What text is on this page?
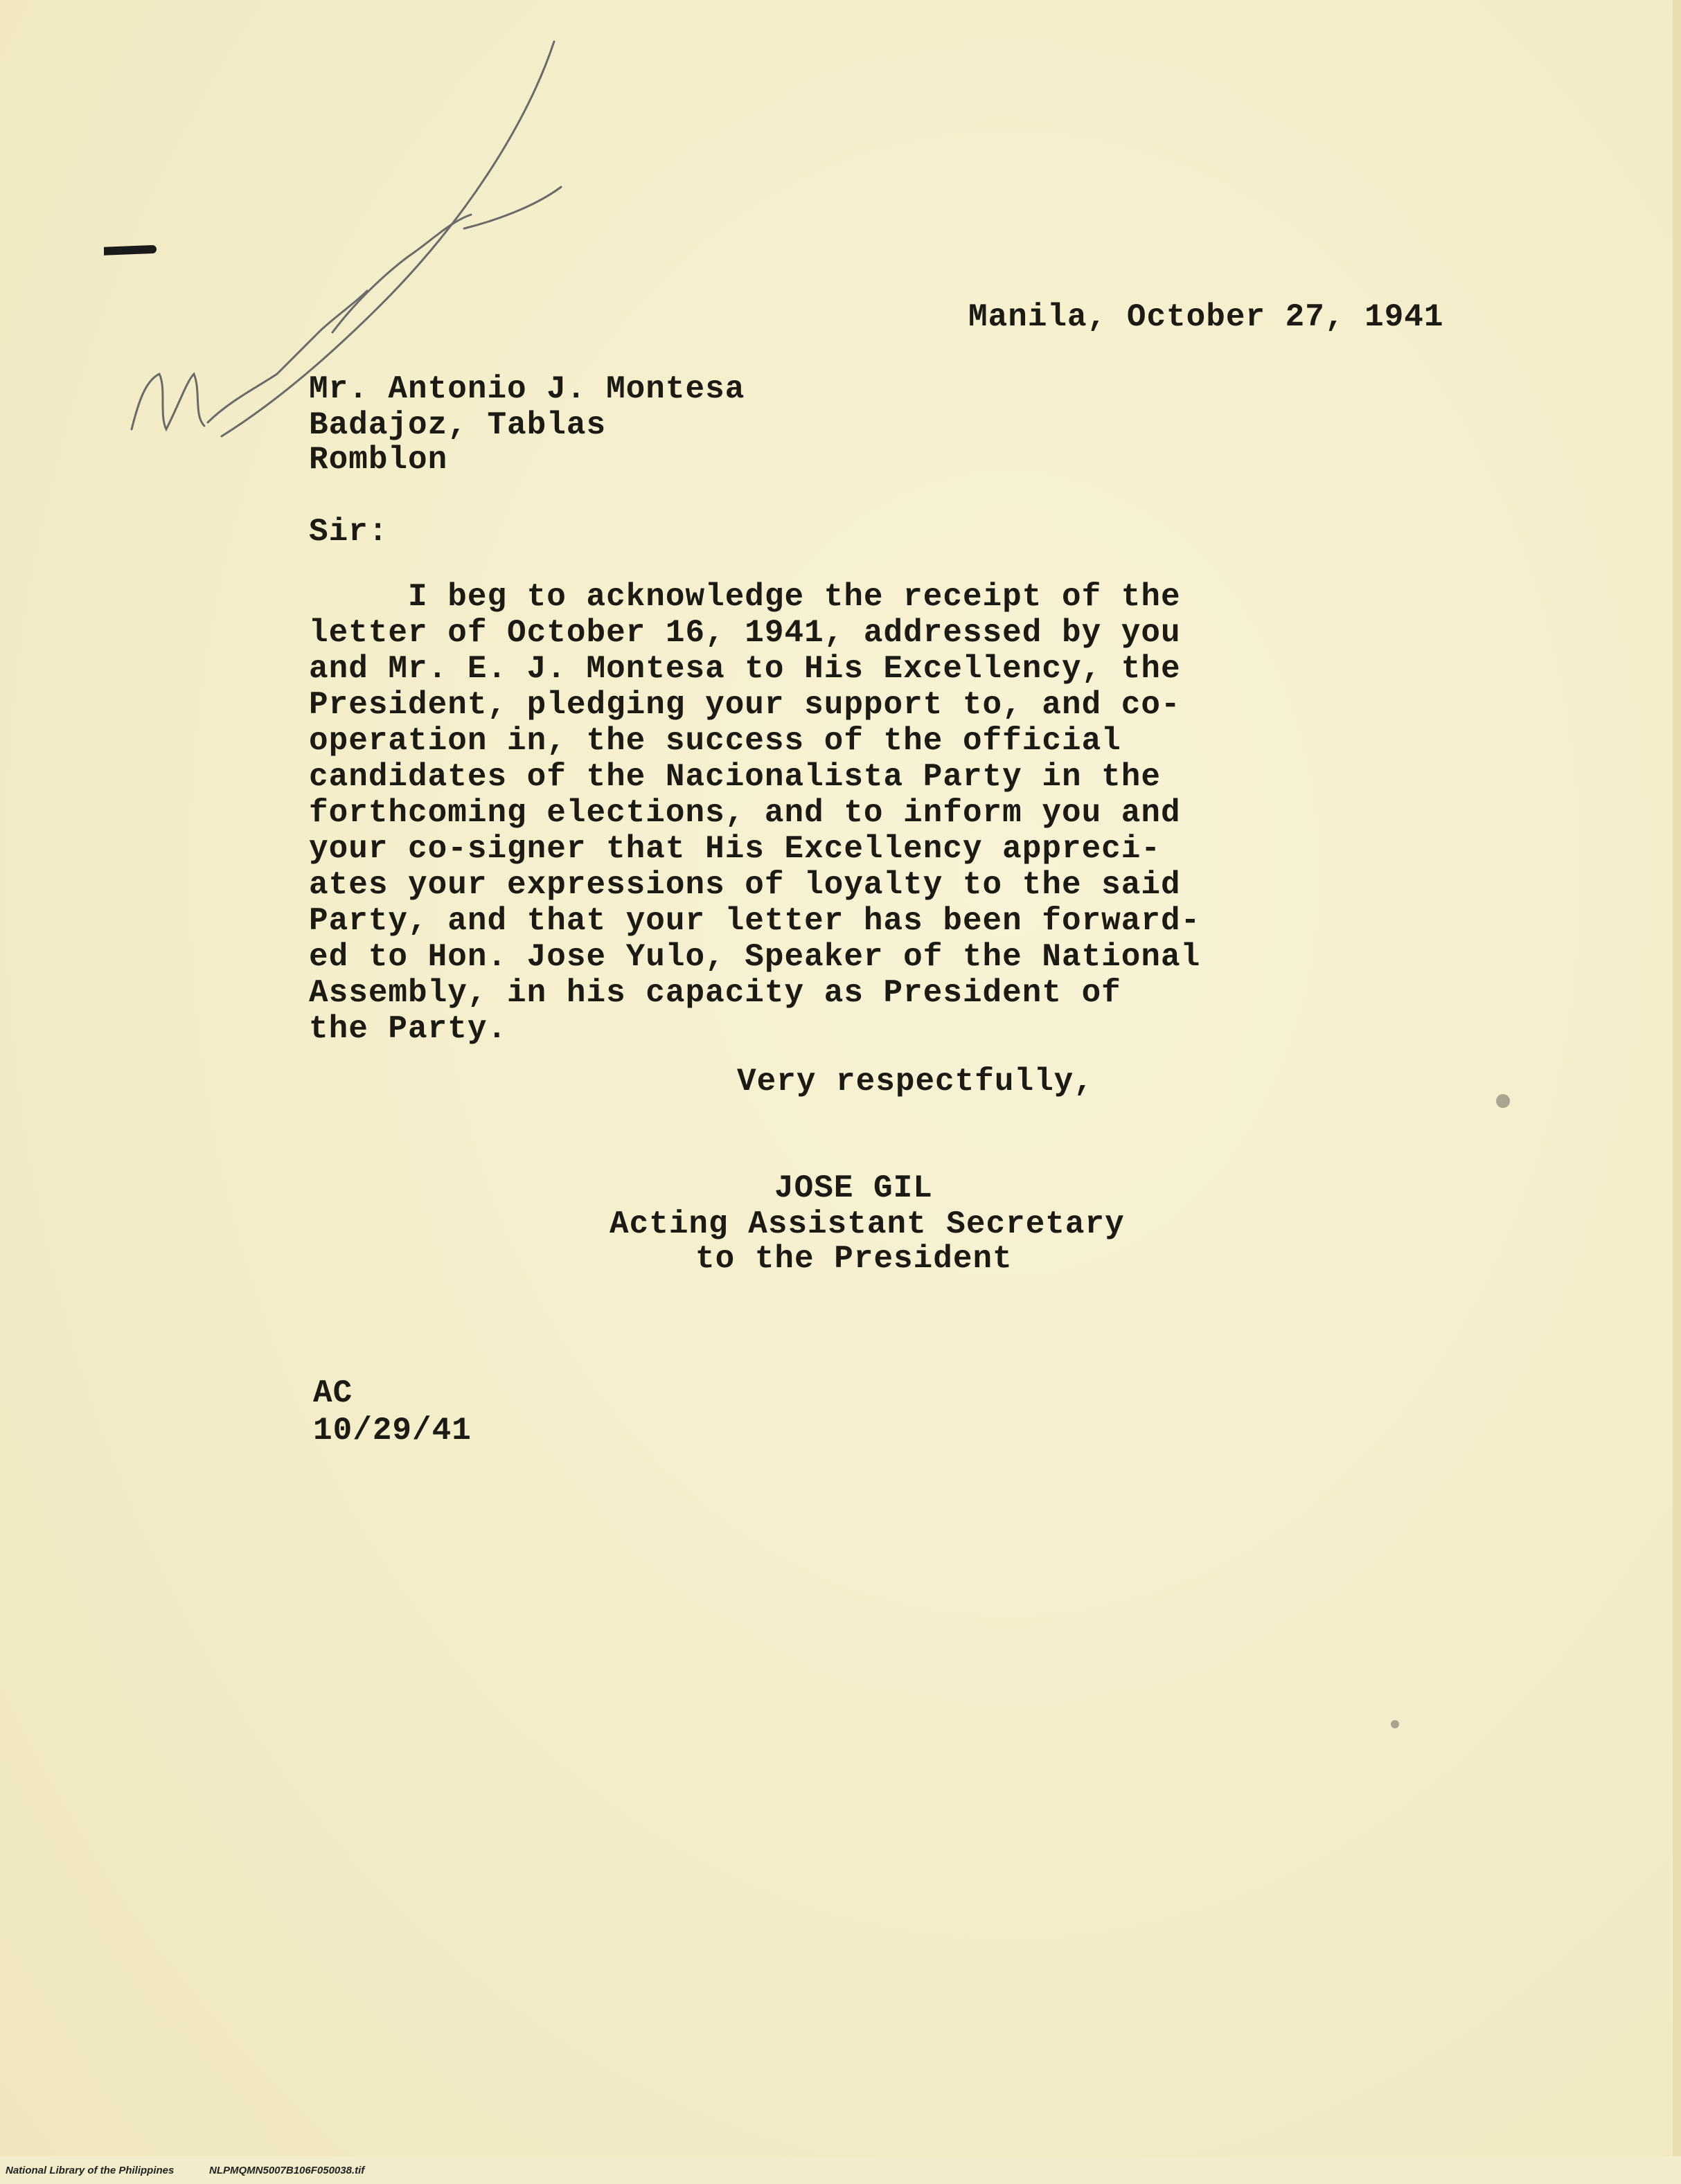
Manila, October 27, 1941
Mr. Antonio J. Montesa
Badajoz, Tablas
Romblon
Sir:
I beg to acknowledge the receipt of the
letter of October 16, 1941, addressed by you
and Mr. E. J. Montesa to His Excellency, the
President, pledging your support to, and co-
operation in, the success of the official
candidates of the Nacionalista Party in the
forthcoming elections, and to inform you and
your co-signer that His Excellency appreci-
ates your expressions of loyalty to the said
Party, and that your letter has been forward-
ed to Hon. Jose Yulo, Speaker of the National
Assembly, in his capacity as President of
the Party.
Very respectfully,
JOSE GIL
Acting Assistant Secretary
to the President
AC
10/29/41
National Library of the Philippines	NLPMQMN5007B106F050038.tif
